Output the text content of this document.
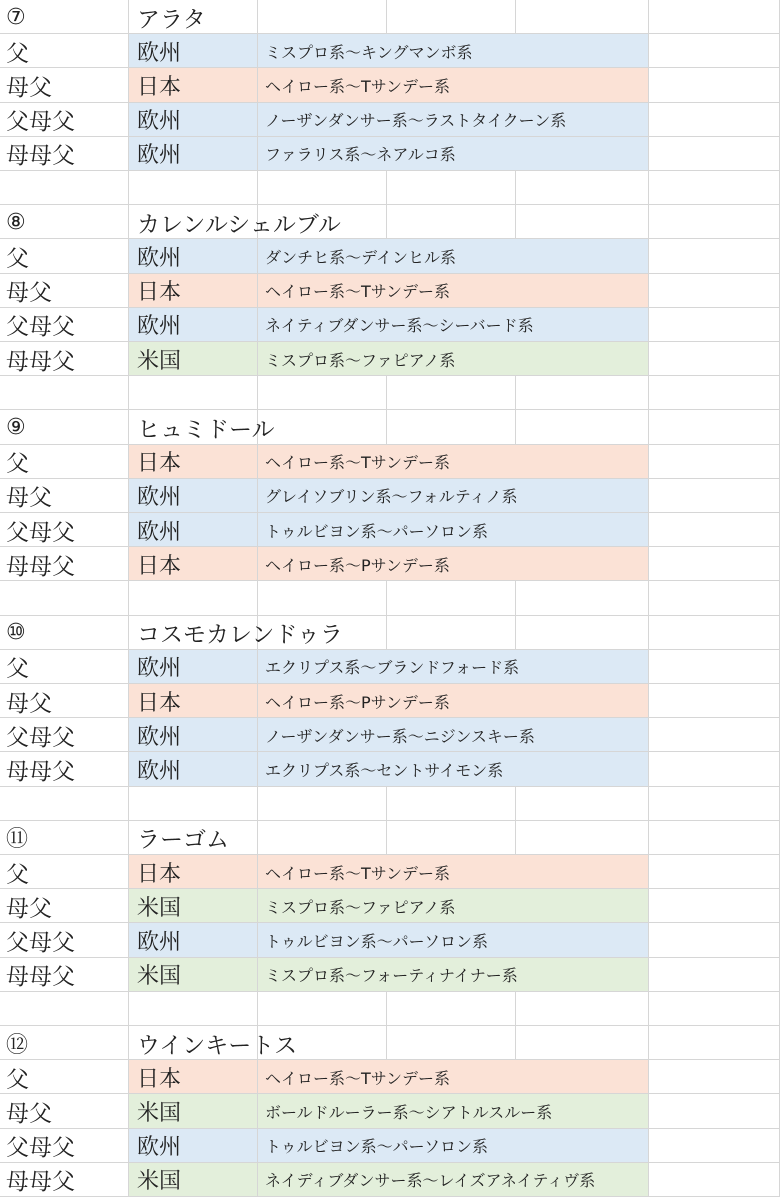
⑦	アラタ
父	欧州	ミスプロ系～キングマンボ系
母父	日本	ヘイロー系～Tサンデー系
父母父	欧州	ノーザンダンサー系～ラストタイクーン系
母母父	欧州	ファラリス系～ネアルコ系
⑧	カレンルシェルブル
父	欧州	ダンチヒ系～デインヒル系
母父	日本	ヘイロー系～Tサンデー系
父母父	欧州	ネイティブダンサー系～シーバード系
母母父	米国	ミスプロ系～ファピアノ系
⑨	ヒュミドール
父	日本	ヘイロー系～Tサンデー系
母父	欧州	グレイソブリン系～フォルティノ系
父母父	欧州	トゥルビヨン系～パーソロン系
母母父	日本	ヘイロー系～Pサンデー系
⑩	コスモカレンドゥラ
父	欧州	エクリプス系～ブランドフォード系
母父	日本	ヘイロー系～Pサンデー系
父母父	欧州	ノーザンダンサー系～ニジンスキー系
母母父	欧州	エクリプス系～セントサイモン系
⑪	ラーゴム
父	日本	ヘイロー系～Tサンデー系
母父	米国	ミスプロ系～ファピアノ系
父母父	欧州	トゥルビヨン系～パーソロン系
母母父	米国	ミスプロ系～フォーティナイナー系
⑫	ウインキートス
父	日本	ヘイロー系～Tサンデー系
母父	米国	ボールドルーラー系～シアトルスルー系
父母父	欧州	トゥルビヨン系～パーソロン系
母母父	米国	ネイディブダンサー系～レイズアネイティヴ系
